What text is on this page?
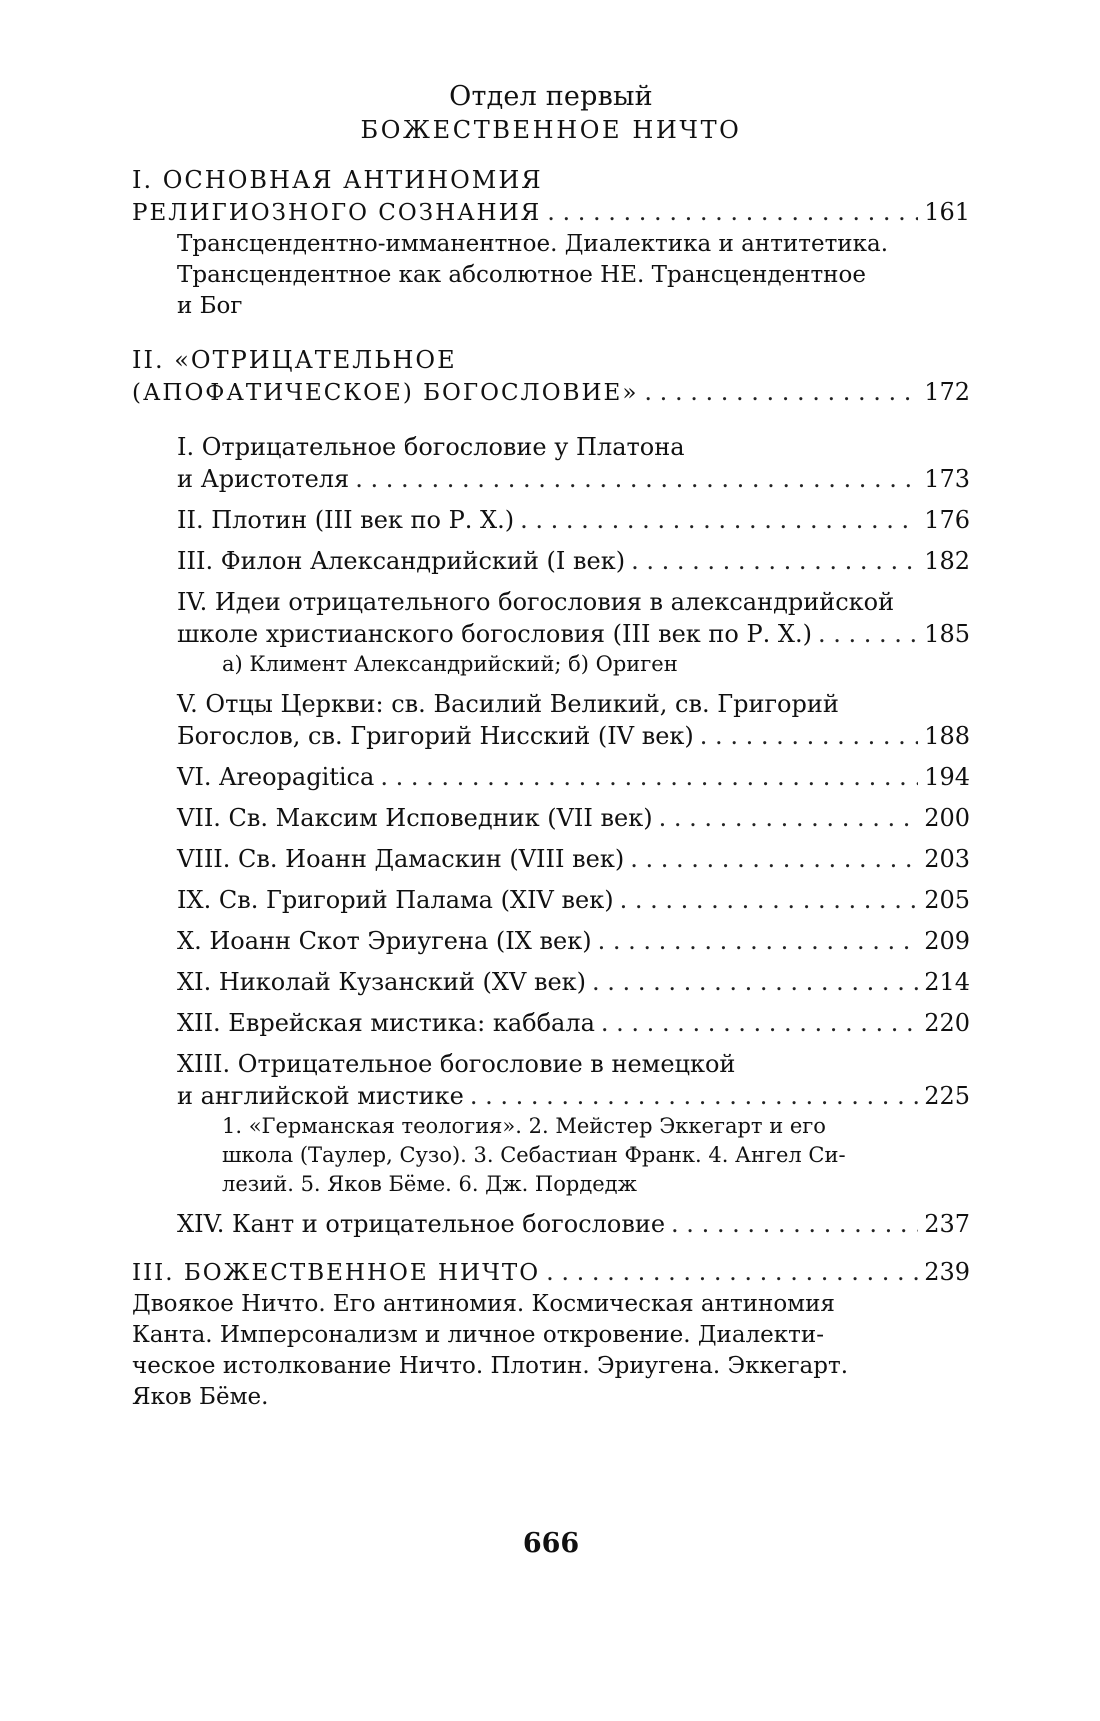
Отдел первый
БОЖЕСТВЕННОЕ НИЧТО
I. ОСНОВНАЯ АНТИНОМИЯ
РЕЛИГИОЗНОГО СОЗНАНИЯ . . .	161
Трансцендентно-имманентное. Диалектика и антитетика.
Трансцендентное как абсолютное НЕ. Трансцендентное
и Бог
II. «ОТРИЦАТЕЛЬНОЕ
(АПОФАТИЧЕСКОЕ) БОГОСЛОВИЕ» . . .	172
I. Отрицательное богословие у Платона
и Аристотеля . . .	173
II. Плотин (III век по Р. Х.) . . .	176
III. Филон Александрийский (I век) . . .	182
IV. Идеи отрицательного богословия в александрийской
школе христианского богословия (III век по Р. Х.) . . .	185
а) Климент Александрийский; б) Ориген
V. Отцы Церкви: св. Василий Великий, св. Григорий
Богослов, св. Григорий Нисский (IV век) . . .	188
VI. Areopagitica . . .	194
VII. Св. Максим Исповедник (VII век) . . .	200
VIII. Св. Иоанн Дамаскин (VIII век) . . .	203
IX. Св. Григорий Палама (XIV век) . . .	205
X. Иоанн Скот Эриугена (IX век) . . .	209
XI. Николай Кузанский (XV век) . . .	214
XII. Еврейская мистика: каббала . . .	220
XIII. Отрицательное богословие в немецкой
и английской мистике . . .	225
1. «Германская теология». 2. Мейстер Эккегарт и его
школа (Таулер, Сузо). 3. Себастиан Франк. 4. Ангел Си-
лезий. 5. Яков Бёме. 6. Дж. Пордедж
XIV. Кант и отрицательное богословие . . .	237
III. БОЖЕСТВЕННОЕ НИЧТО . . .	239
Двоякое Ничто. Его антиномия. Космическая антиномия
Канта. Имперсонализм и личное откровение. Диалекти-
ческое истолкование Ничто. Плотин. Эриугена. Эккегарт.
Яков Бёме.
666
